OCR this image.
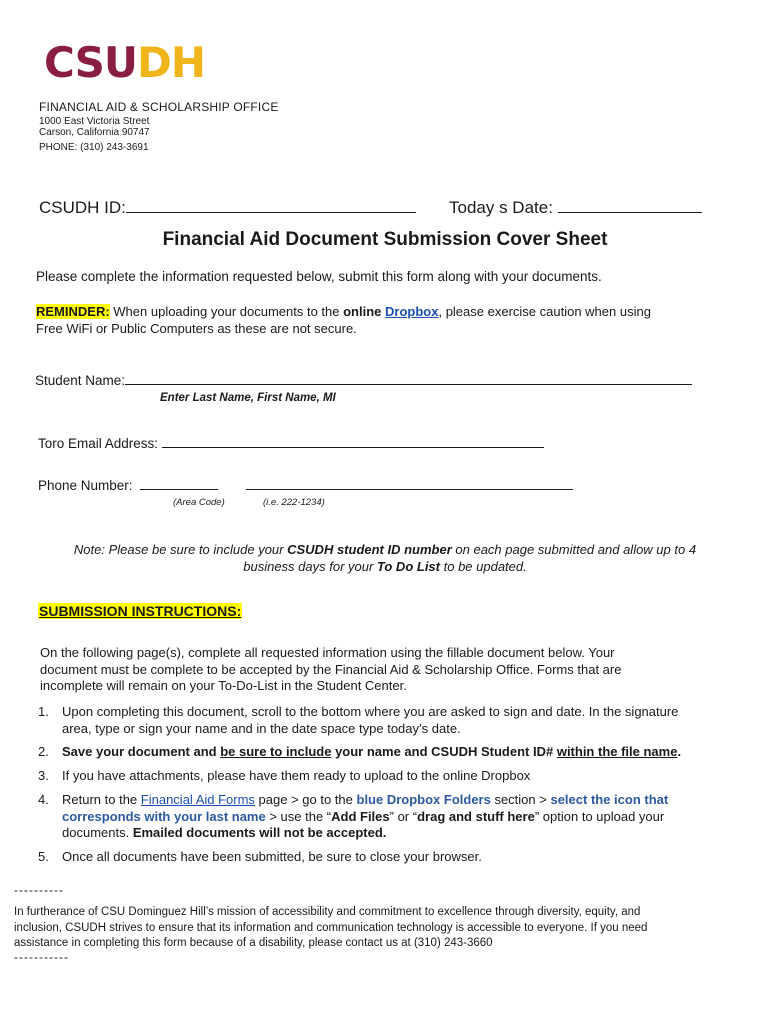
CSUDH
FINANCIAL AID & SCHOLARSHIP OFFICE
1000 East Victoria Street
Carson, California 90747
PHONE: (310) 243-3691
CSUDH ID:	Today s Date:
Financial Aid Document Submission Cover Sheet
Please complete the information requested below, submit this form along with your documents.
REMINDER: When uploading your documents to the online Dropbox, please exercise caution when using
Free WiFi or Public Computers as these are not secure.
Student Name:
Enter Last Name, First Name, MI
Toro Email Address:
Phone Number:
(Area Code)	(i.e. 222-1234)
Note: Please be sure to include your CSUDH student ID number on each page submitted and allow up to 4
business days for your To Do List to be updated.
SUBMISSION INSTRUCTIONS:
On the following page(s), complete all requested information using the fillable document below. Your
document must be complete to be accepted by the Financial Aid & Scholarship Office. Forms that are
incomplete will remain on your To-Do-List in the Student Center.
1.	Upon completing this document, scroll to the bottom where you are asked to sign and date. In the signature
area, type or sign your name and in the date space type today’s date.
2.	Save your document and be sure to include your name and CSUDH Student ID# within the file name.
3.	If you have attachments, please have them ready to upload to the online Dropbox
4.	Return to the Financial Aid Forms page > go to the blue Dropbox Folders section > select the icon that
corresponds with your last name > use the “Add Files” or “drag and stuff here” option to upload your
documents. Emailed documents will not be accepted.
5.	Once all documents have been submitted, be sure to close your browser.
----------
In furtherance of CSU Dominguez Hill’s mission of accessibility and commitment to excellence through diversity, equity, and
inclusion, CSUDH strives to ensure that its information and communication technology is accessible to everyone. If you need
assistance in completing this form because of a disability, please contact us at (310) 243-3660
-----------
